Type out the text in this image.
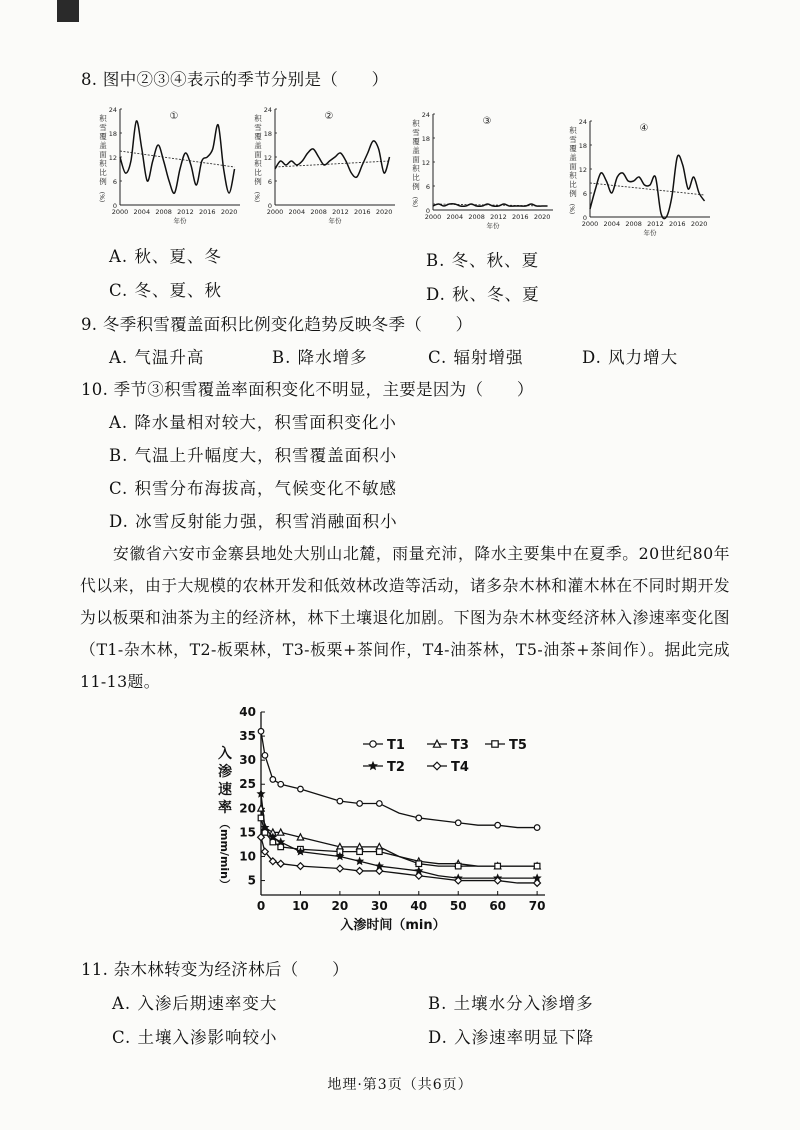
8. 图中②③④表示的季节分别是（　　）
0
6
12
18
24
2000 2004 2008 2012 2016 2020
年份
积
雪
覆
盖
面
积
比
例
(%)
①
0
6
12
18
24
2000 2004 2008 2012 2016 2020
年份
积
雪
覆
盖
面
积
比
例
(%)
②
0
6
12
18
24
2000 2004 2008 2012 2016 2020
年份
积
雪
覆
盖
面
积
比
例
(%)
③
0
6
12
18
24
2000 2004 2008 2012 2016 2020
年份
积
雪
覆
盖
面
积
比
例
(%)
④
A. 秋、夏、冬	B. 冬、秋、夏
C. 冬、夏、秋	D. 秋、冬、夏
9. 冬季积雪覆盖面积比例变化趋势反映冬季（　　）
A. 气温升高	B. 降水增多	C. 辐射增强	D. 风力增大
10. 季节③积雪覆盖率面积变化不明显，主要是因为（　　）
A. 降水量相对较大，积雪面积变化小
B. 气温上升幅度大，积雪覆盖面积小
C. 积雪分布海拔高，气候变化不敏感
D. 冰雪反射能力强，积雪消融面积小
安徽省六安市金寨县地处大别山北麓，雨量充沛，降水主要集中在夏季。20世纪80年代以来，由于大规模的农林开发和低效林改造等活动，诸多杂木林和灌木林在不同时期开发为以板栗和油茶为主的经济林，林下土壤退化加剧。下图为杂木林变经济林入渗速率变化图（T1-杂木林，T2-板栗林，T3-板栗+茶间作，T4-油茶林，T5-油茶+茶间作）。据此完成11-13题。
5
10
15
20
25
30
35
40
0 10 20 30 40 50 60 70
入渗时间（min）
入
渗
速
率
（mm/min）
T1	T3	T5
T2	T4
11. 杂木林转变为经济林后（　　）
A. 入渗后期速率变大	B. 土壤水分入渗增多
C. 土壤入渗影响较小	D. 入渗速率明显下降
地理·第3页（共6页）
